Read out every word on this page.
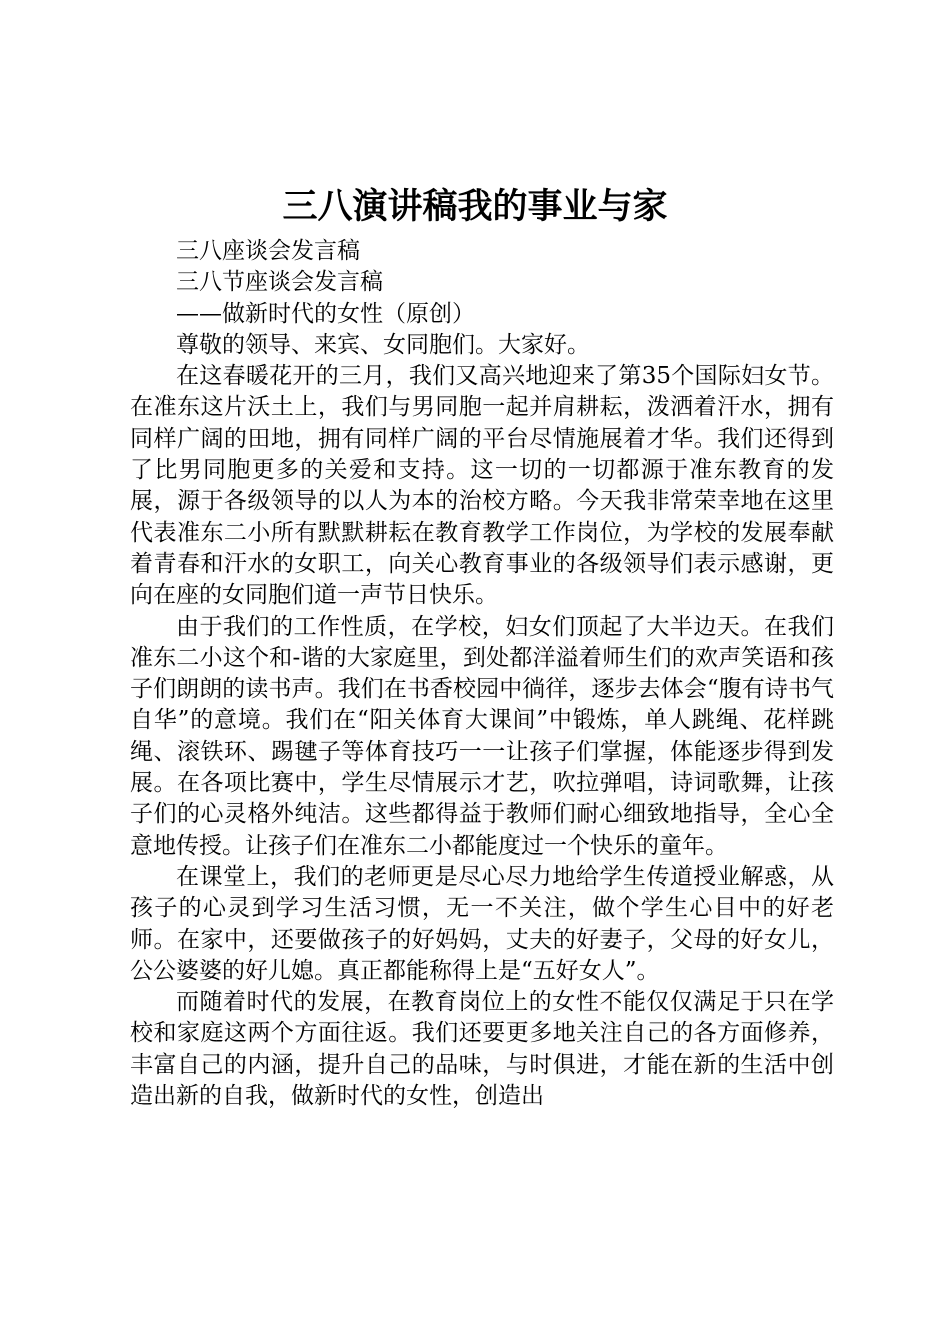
三八演讲稿我的事业与家

三八座谈会发言稿

三八节座谈会发言稿

——做新时代的女性（原创）

尊敬的领导、来宾、女同胞们。大家好。

在这春暖花开的三月，我们又高兴地迎来了第35个国际妇女节。在准东这片沃土上，我们与男同胞一起并肩耕耘，泼洒着汗水，拥有同样广阔的田地，拥有同样广阔的平台尽情施展着才华。我们还得到了比男同胞更多的关爱和支持。这一切的一切都源于准东教育的发展，源于各级领导的以人为本的治校方略。今天我非常荣幸地在这里代表准东二小所有默默耕耘在教育教学工作岗位，为学校的发展奉献着青春和汗水的女职工，向关心教育事业的各级领导们表示感谢，更向在座的女同胞们道一声节日快乐。

由于我们的工作性质，在学校，妇女们顶起了大半边天。在我们准东二小这个和-谐的大家庭里，到处都洋溢着师生们的欢声笑语和孩子们朗朗的读书声。我们在书香校园中徜徉，逐步去体会“腹有诗书气自华”的意境。我们在“阳关体育大课间”中锻炼，单人跳绳、花样跳绳、滚铁环、踢毽子等体育技巧一一让孩子们掌握，体能逐步得到发展。在各项比赛中，学生尽情展示才艺，吹拉弹唱，诗词歌舞，让孩子们的心灵格外纯洁。这些都得益于教师们耐心细致地指导，全心全意地传授。让孩子们在准东二小都能度过一个快乐的童年。

在课堂上，我们的老师更是尽心尽力地给学生传道授业解惑，从孩子的心灵到学习生活习惯，无一不关注，做个学生心目中的好老师。在家中，还要做孩子的好妈妈，丈夫的好妻子，父母的好女儿，公公婆婆的好儿媳。真正都能称得上是“五好女人”。

而随着时代的发展，在教育岗位上的女性不能仅仅满足于只在学校和家庭这两个方面往返。我们还要更多地关注自己的各方面修养，丰富自己的内涵，提升自己的品味，与时俱进，才能在新的生活中创造出新的自我，做新时代的女性，创造出
